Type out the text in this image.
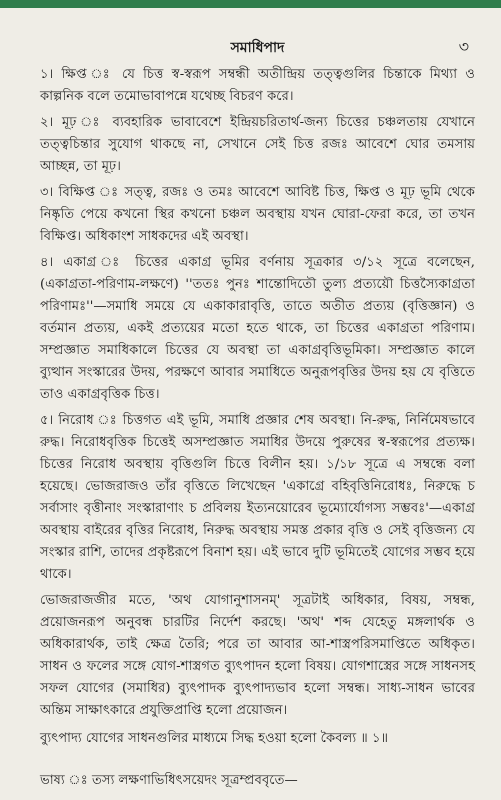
সমাধিপাদ	৩

১। ক্ষিপ্ত ঃ যে চিত্ত স্ব-স্বরূপ সম্বন্ধী অতীন্দ্রিয় তত্ত্বগুলির চিন্তাকে মিথ্যা ও কাল্পনিক বলে তমোভাবাপন্নে যথেচ্ছ বিচরণ করে।

২। মূঢ় ঃ ব্যবহারিক ভাবাবেশে ইন্দ্রিয়চরিতার্থ-জন্য চিত্তের চঞ্চলতায় যেখানে তত্ত্বচিন্তার সুযোগ থাকছে না, সেখানে সেই চিত্ত রজঃ আবেশে ঘোর তমসায় আচ্ছন্ন, তা মূঢ়।

৩। বিক্ষিপ্ত ঃ সত্ত্ব, রজঃ ও তমঃ আবেশে আবিষ্ট চিত্ত, ক্ষিপ্ত ও মূঢ় ভূমি থেকে নিষ্কৃতি পেয়ে কখনো স্থির কখনো চঞ্চল অবস্থায় যখন ঘোরা-ফেরা করে, তা তখন বিক্ষিপ্ত। অধিকাংশ সাধকদের এই অবস্থা।

৪। একাগ্র ঃ চিত্তের একাগ্র ভূমির বর্ণনায় সূত্রকার ৩/১২ সূত্রে বলেছেন, (একাগ্রতা-পরিণাম-লক্ষণে) ''ততঃ পুনঃ শান্তোদিতৌ তুল্য প্রত্যয়ৌ চিত্তস্যৈকাগ্রতা পরিণামঃ''—সমাধি সময়ে যে একাকারাবৃত্তি, তাতে অতীত প্রত্যয় (বৃত্তিজ্ঞান) ও বর্তমান প্রত্যয়, একই প্রত্যয়ের মতো হতে থাকে, তা চিত্তের একাগ্রতা পরিণাম। সম্প্রজ্ঞাত সমাধিকালে চিত্তের যে অবস্থা তা একাগ্রবৃত্তিভূমিকা। সম্প্রজ্ঞাত কালে ব্যুত্থান সংস্কারের উদয়, পরক্ষণে আবার সমাধিতে অনুরূপবৃত্তির উদয় হয় যে বৃত্তিতে তাও একাগ্রবৃত্তিক চিত্ত।

৫। নিরোধ ঃ চিত্তগত এই ভূমি, সমাধি প্রজ্ঞার শেষ অবস্থা। নি-রুদ্ধ, নির্নিমেষভাবে রুদ্ধ। নিরোধবৃত্তিক চিত্তেই অসম্প্রজ্ঞাত সমাধির উদয়ে পুরুষের স্ব-স্বরূপের প্রত্যক্ষ। চিত্তের নিরোধ অবস্থায় বৃত্তিগুলি চিত্তে বিলীন হয়। ১/১৮ সূত্রে এ সম্বন্ধে বলা হয়েছে। ভোজরাজও তাঁর বৃত্তিতে লিখেছেন 'একাগ্রে বহিবৃত্তিনিরোধঃ, নিরুদ্ধে চ সর্বাসাং বৃত্তীনাং সংস্কারাণাং চ প্রবিলয় ইত্যনয়োরেব ভূম্যোর্যোগস্য সম্ভবঃ'—একাগ্র অবস্থায় বাইরের বৃত্তির নিরোধ, নিরুদ্ধ অবস্থায় সমস্ত প্রকার বৃত্তি ও সেই বৃত্তিজন্য যে সংস্কার রাশি, তাদের প্রকৃষ্টরূপে বিনাশ হয়। এই ভাবে দুটি ভূমিতেই যোগের সম্ভব হয়ে থাকে।

ভোজরাজজীর মতে, 'অথ যোগানুশাসনম্' সূত্রটাই অধিকার, বিষয়, সম্বন্ধ, প্রয়োজনরূপ অনুবন্ধ চারটির নির্দেশ করছে। 'অথ' শব্দ যেহেতু মঙ্গলার্থক ও অধিকারার্থক, তাই ক্ষেত্র তৈরি; পরে তা আবার আ-শাস্ত্রপরিসমাপ্তিতে অধিকৃত। সাধন ও ফলের সঙ্গে যোগ-শাস্ত্রগত ব্যুৎপাদন হলো বিষয়। যোগশাস্ত্রের সঙ্গে সাধনসহ সফল যোগের (সমাধির) ব্যুৎপাদক ব্যুৎপাদ্যভাব হলো সম্বন্ধ। সাধ্য-সাধন ভাবের অন্তিম সাক্ষাৎকারে প্রযুক্তিপ্রাপ্তি হলো প্রয়োজন।

ব্যুৎপাদ্য যোগের সাধনগুলির মাধ্যমে সিদ্ধ হওয়া হলো কৈবল্য ॥ ১॥

ভাষ্য ঃ তস্য লক্ষণাভিধিৎসয়েদং সূত্রম্প্রববৃতে—
